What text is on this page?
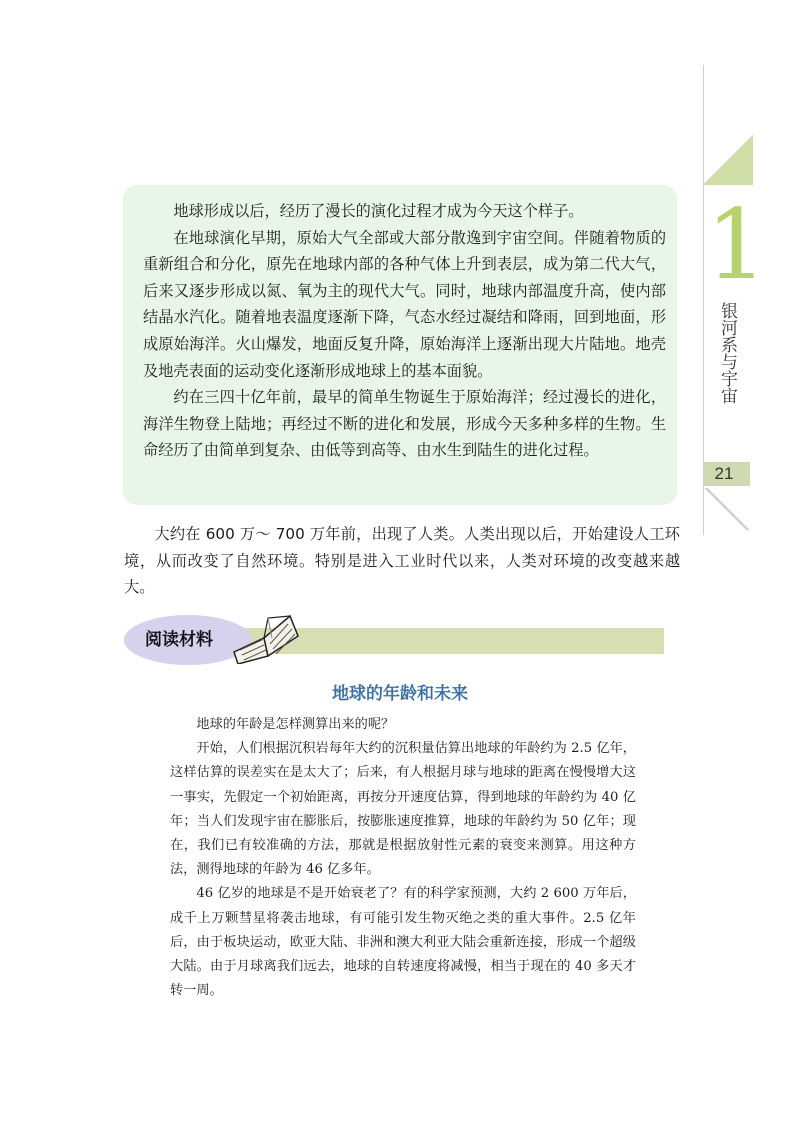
1
银河系与宇宙
21

地球形成以后，经历了漫长的演化过程才成为今天这个样子。

在地球演化早期，原始大气全部或大部分散逸到宇宙空间。伴随着物质的重新组合和分化，原先在地球内部的各种气体上升到表层，成为第二代大气，后来又逐步形成以氮、氧为主的现代大气。同时，地球内部温度升高，使内部结晶水汽化。随着地表温度逐渐下降，气态水经过凝结和降雨，回到地面，形成原始海洋。火山爆发，地面反复升降，原始海洋上逐渐出现大片陆地。地壳及地壳表面的运动变化逐渐形成地球上的基本面貌。

约在三四十亿年前，最早的简单生物诞生于原始海洋；经过漫长的进化，海洋生物登上陆地；再经过不断的进化和发展，形成今天多种多样的生物。生命经历了由简单到复杂、由低等到高等、由水生到陆生的进化过程。

大约在 600 万～ 700 万年前，出现了人类。人类出现以后，开始建设人工环境，从而改变了自然环境。特别是进入工业时代以来，人类对环境的改变越来越大。

阅读材料
地球的年龄和未来

地球的年龄是怎样测算出来的呢？

开始，人们根据沉积岩每年大约的沉积量估算出地球的年龄约为 2.5 亿年，这样估算的误差实在是太大了；后来，有人根据月球与地球的距离在慢慢增大这一事实，先假定一个初始距离，再按分开速度估算，得到地球的年龄约为 40 亿年；当人们发现宇宙在膨胀后，按膨胀速度推算，地球的年龄约为 50 亿年；现在，我们已有较准确的方法，那就是根据放射性元素的衰变来测算。用这种方法，测得地球的年龄为 46 亿多年。

46 亿岁的地球是不是开始衰老了？有的科学家预测，大约 2 600 万年后，成千上万颗彗星将袭击地球，有可能引发生物灭绝之类的重大事件。2.5 亿年后，由于板块运动，欧亚大陆、非洲和澳大利亚大陆会重新连接，形成一个超级大陆。由于月球离我们远去，地球的自转速度将减慢，相当于现在的 40 多天才转一周。
